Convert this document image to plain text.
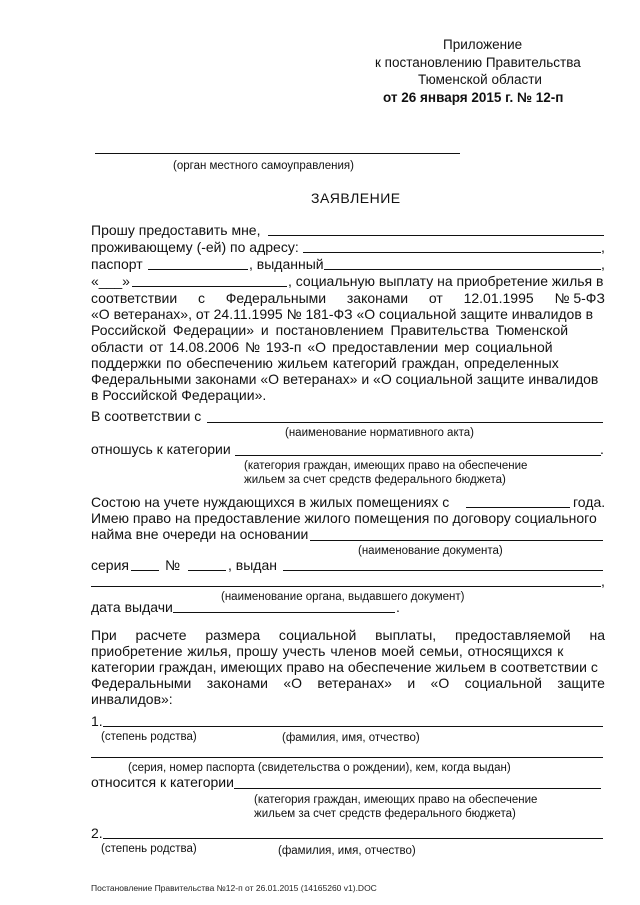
Приложение
к постановлению Правительства
Тюменской области
от 26 января 2015 г. № 12-п
(орган местного самоуправления)
ЗАЯВЛЕНИЕ
Прошу предоставить мне,
проживающему (-ей) по адресу:	,
паспорт	, выданный	,
«___»	, социальную выплату на приобретение жилья в
соответствии с Федеральными законами от 12.01.1995 № 5-ФЗ
«О ветеранах», от 24.11.1995 № 181-ФЗ «О социальной защите инвалидов в
Российской Федерации» и постановлением Правительства Тюменской
области от 14.08.2006 № 193-п «О предоставлении мер социальной
поддержки по обеспечению жильем категорий граждан, определенных
Федеральными законами «О ветеранах» и «О социальной защите инвалидов
в Российской Федерации».
В соответствии с
(наименование нормативного акта)
отношусь к категории	.
(категория граждан, имеющих право на обеспечение
жильем за счет средств федерального бюджета)
Состою на учете нуждающихся в жилых помещениях с	года.
Имею право на предоставление жилого помещения по договору социального
найма вне очереди на основании
(наименование документа)
серия	№	, выдан
,
(наименование органа, выдавшего документ)
дата выдачи	.
При расчете размера социальной выплаты, предоставляемой на
приобретение жилья, прошу учесть членов моей семьи, относящихся к
категории граждан, имеющих право на обеспечение жильем в соответствии с
Федеральными законами «О ветеранах» и «О социальной защите
инвалидов»:
1.
(степень родства)	(фамилия, имя, отчество)
(серия, номер паспорта (свидетельства о рождении), кем, когда выдан)
относится к категории
(категория граждан, имеющих право на обеспечение
жильем за счет средств федерального бюджета)
2.
(степень родства)	(фамилия, имя, отчество)
Постановление Правительства №12-п от 26.01.2015 (14165260 v1).DOC
